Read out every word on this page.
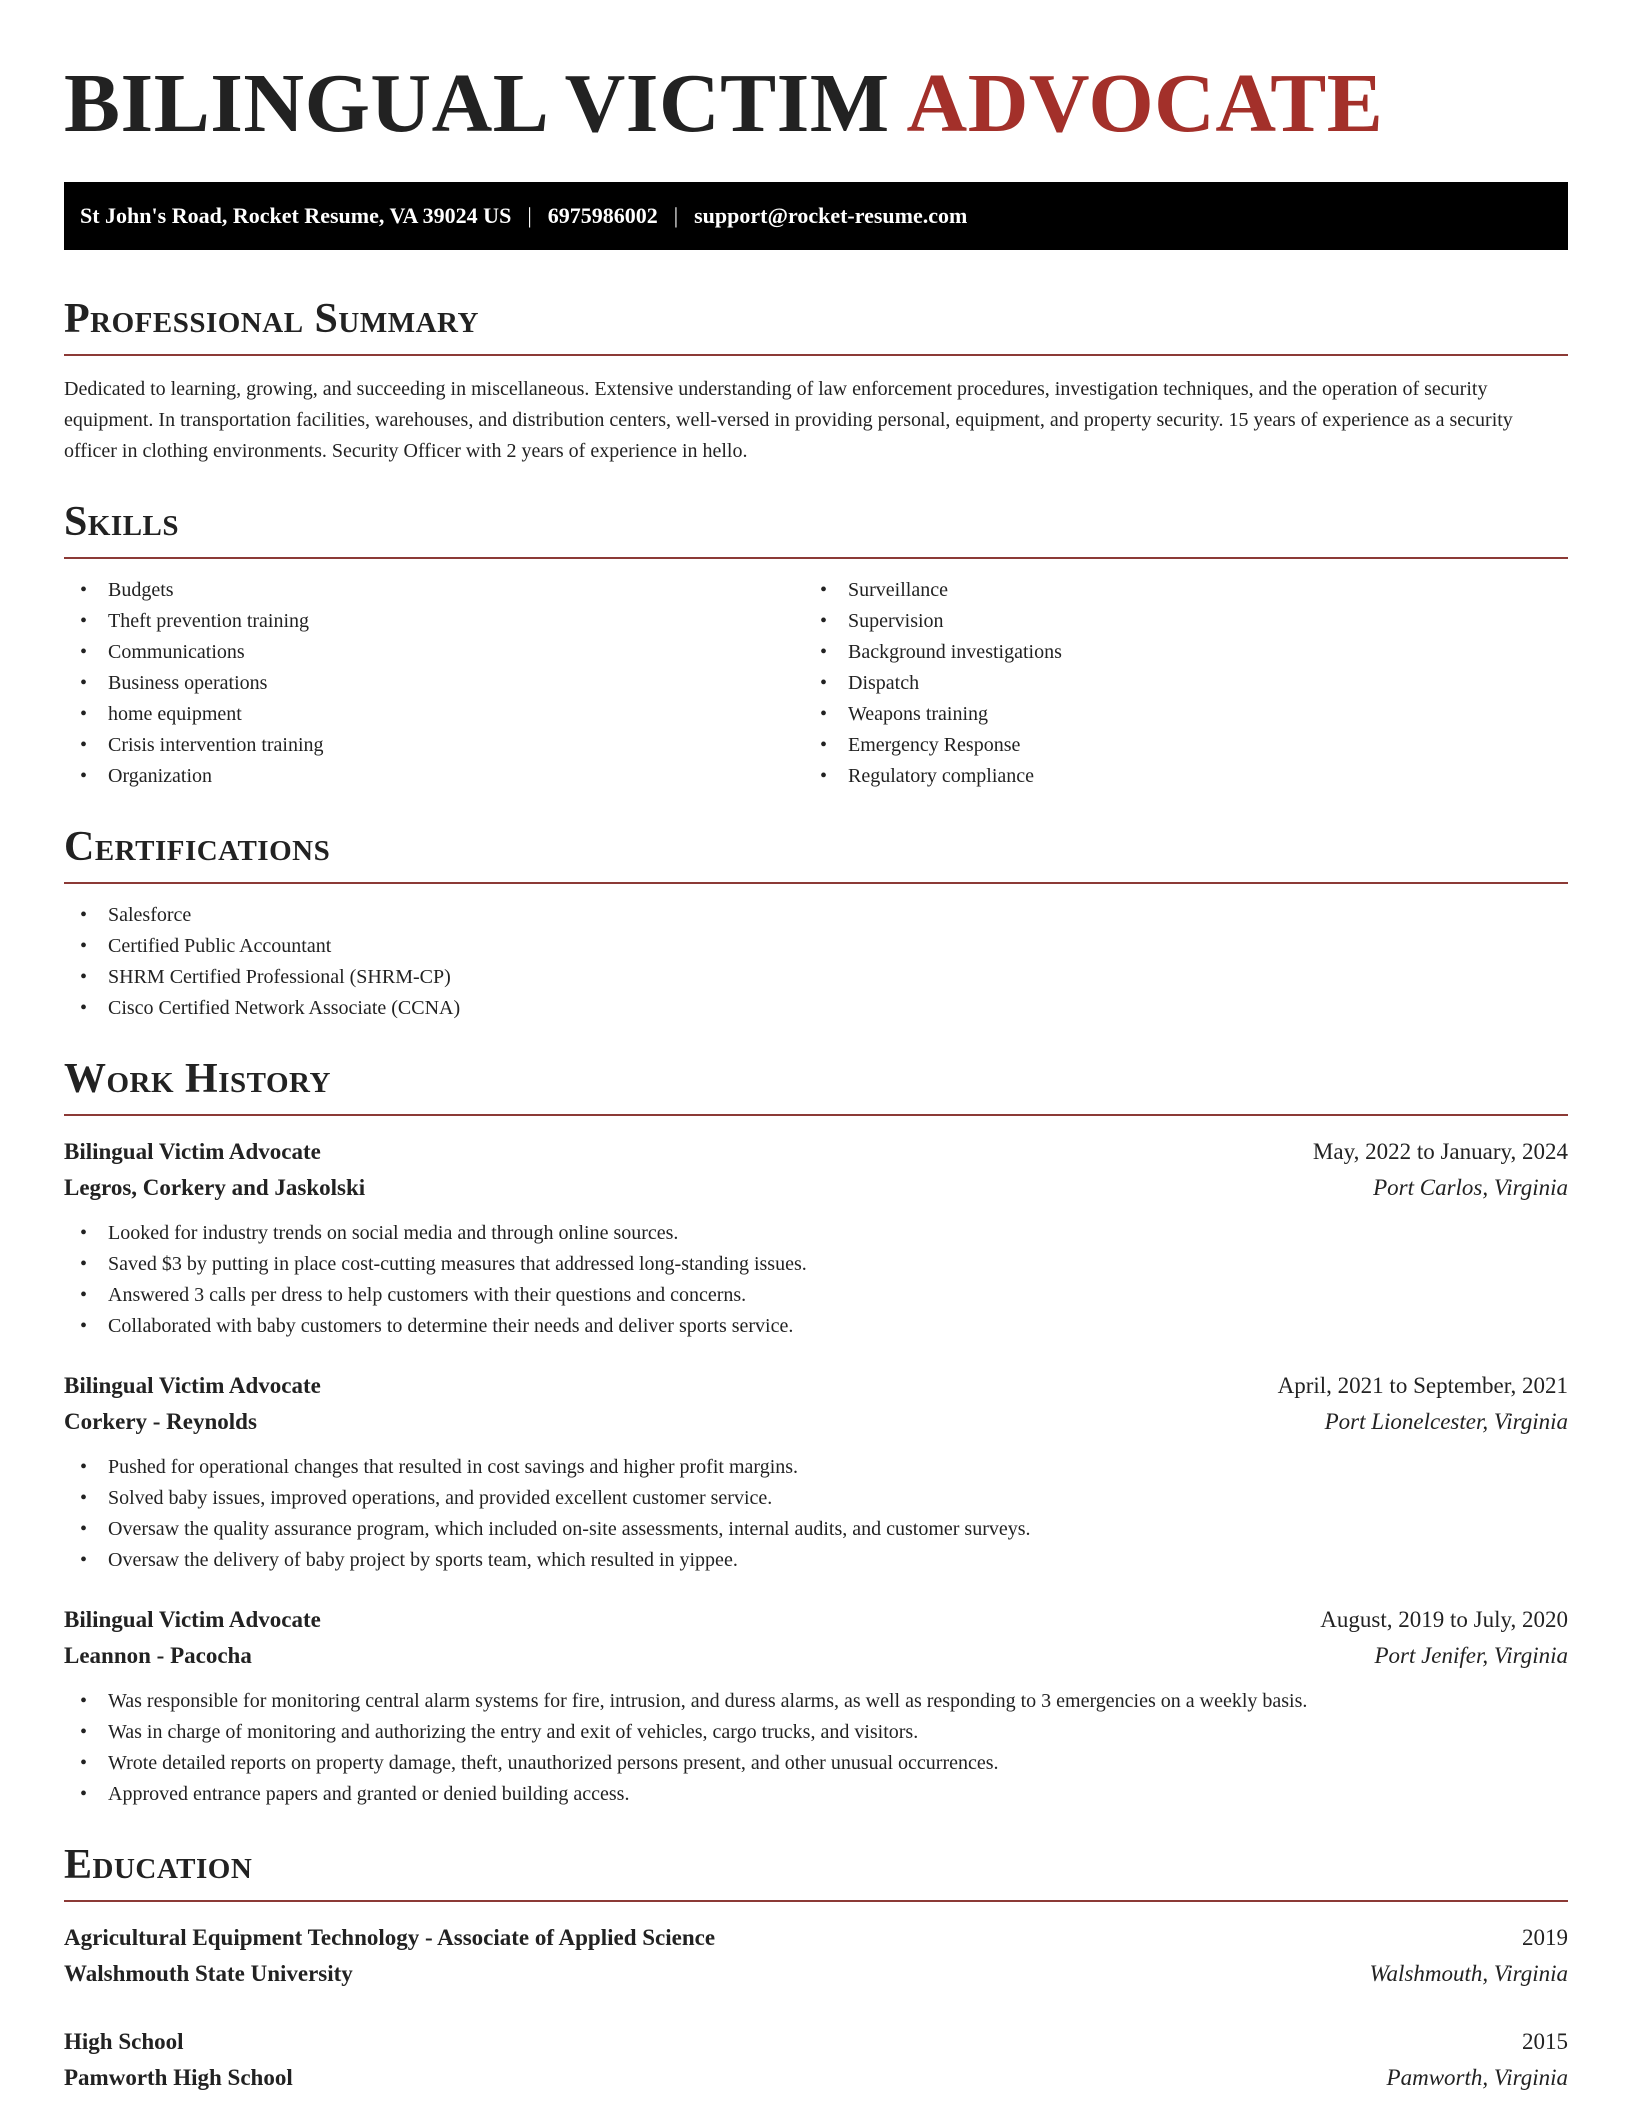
BILINGUAL VICTIM ADVOCATE
St John's Road, Rocket Resume, VA 39024 US | 6975986002 | support@rocket-resume.com
Professional Summary

Dedicated to learning, growing, and succeeding in miscellaneous. Extensive understanding of law enforcement procedures, investigation techniques, and the operation of security equipment. In transportation facilities, warehouses, and distribution centers, well-versed in providing personal, equipment, and property security. 15 years of experience as a security officer in clothing environments. Security Officer with 2 years of experience in hello.

Skills
• Budgets
• Theft prevention training
• Communications
• Business operations
• home equipment
• Crisis intervention training
• Organization
• Surveillance
• Supervision
• Background investigations
• Dispatch
• Weapons training
• Emergency Response
• Regulatory compliance
Certifications
• Salesforce
• Certified Public Accountant
• SHRM Certified Professional (SHRM-CP)
• Cisco Certified Network Associate (CCNA)
Work History
Bilingual Victim Advocate	May, 2022 to January, 2024
Legros, Corkery and Jaskolski	Port Carlos, Virginia
• Looked for industry trends on social media and through online sources.
• Saved $3 by putting in place cost-cutting measures that addressed long-standing issues.
• Answered 3 calls per dress to help customers with their questions and concerns.
• Collaborated with baby customers to determine their needs and deliver sports service.
Bilingual Victim Advocate	April, 2021 to September, 2021
Corkery - Reynolds	Port Lionelcester, Virginia
• Pushed for operational changes that resulted in cost savings and higher profit margins.
• Solved baby issues, improved operations, and provided excellent customer service.
• Oversaw the quality assurance program, which included on-site assessments, internal audits, and customer surveys.
• Oversaw the delivery of baby project by sports team, which resulted in yippee.
Bilingual Victim Advocate	August, 2019 to July, 2020
Leannon - Pacocha	Port Jenifer, Virginia
• Was responsible for monitoring central alarm systems for fire, intrusion, and duress alarms, as well as responding to 3 emergencies on a weekly basis.
• Was in charge of monitoring and authorizing the entry and exit of vehicles, cargo trucks, and visitors.
• Wrote detailed reports on property damage, theft, unauthorized persons present, and other unusual occurrences.
• Approved entrance papers and granted or denied building access.
Education
Agricultural Equipment Technology - Associate of Applied Science	2019
Walshmouth State University	Walshmouth, Virginia
High School	2015
Pamworth High School	Pamworth, Virginia
